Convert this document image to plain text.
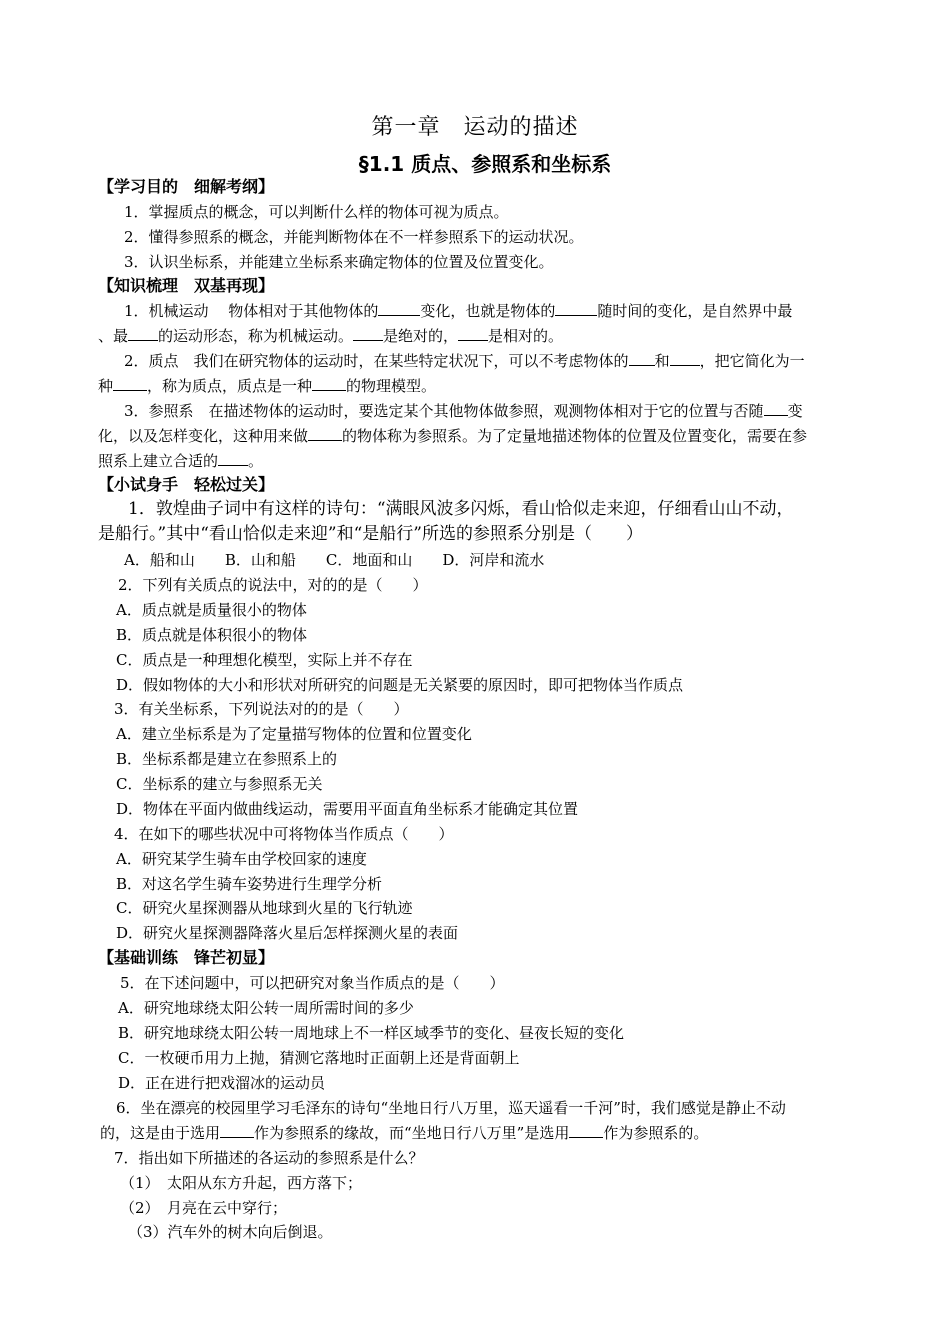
第一章　运动的描述
§1.1 质点、参照系和坐标系
【学习目的　细解考纲】
1．掌握质点的概念，可以判断什么样的物体可视为质点。
2．懂得参照系的概念，并能判断物体在不一样参照系下的运动状况。
3．认识坐标系，并能建立坐标系来确定物体的位置及位置变化。
【知识梳理　双基再现】
1．机械运动　 物体相对于其他物体的	变化，也就是物体的	随时间的变化，是自然界中最
、最 的运动形态，称为机械运动。 是绝对的， 是相对的。
2．质点　我们在研究物体的运动时，在某些特定状况下，可以不考虑物体的 和 ，把它简化为一
种 ，称为质点，质点是一种 的物理模型。
3．参照系　在描述物体的运动时，要选定某个其他物体做参照，观测物体相对于它的位置与否随 变
化，以及怎样变化，这种用来做 的物体称为参照系。为了定量地描述物体的位置及位置变化，需要在参
照系上建立合适的 。
【小试身手　轻松过关】
1．敦煌曲子词中有这样的诗句：“满眼风波多闪烁，看山恰似走来迎，仔细看山山不动，
是船行。”其中“看山恰似走来迎”和“是船行”所选的参照系分别是（　　）
A．船和山　　B．山和船　　C．地面和山　　D．河岸和流水
2．下列有关质点的说法中，对的的是（　　）
A．质点就是质量很小的物体
B．质点就是体积很小的物体
C．质点是一种理想化模型，实际上并不存在
D．假如物体的大小和形状对所研究的问题是无关紧要的原因时，即可把物体当作质点
3．有关坐标系，下列说法对的的是（　　）
A．建立坐标系是为了定量描写物体的位置和位置变化
B．坐标系都是建立在参照系上的
C．坐标系的建立与参照系无关
D．物体在平面内做曲线运动，需要用平面直角坐标系才能确定其位置
4．在如下的哪些状况中可将物体当作质点（　　）
A．研究某学生骑车由学校回家的速度
B．对这名学生骑车姿势进行生理学分析
C．研究火星探测器从地球到火星的飞行轨迹
D．研究火星探测器降落火星后怎样探测火星的表面
【基础训练　锋芒初显】
5．在下述问题中，可以把研究对象当作质点的是（　　）
A．研究地球绕太阳公转一周所需时间的多少
B．研究地球绕太阳公转一周地球上不一样区域季节的变化、昼夜长短的变化
C．一枚硬币用力上抛，猜测它落地时正面朝上还是背面朝上
D．正在进行把戏溜冰的运动员
6．坐在漂亮的校园里学习毛泽东的诗句“坐地日行八万里，巡天遥看一千河”时，我们感觉是静止不动
的，这是由于选用 作为参照系的缘故，而“坐地日行八万里”是选用 作为参照系的。
7．指出如下所描述的各运动的参照系是什么？
（1）　太阳从东方升起，西方落下；
（2）　月亮在云中穿行；
（3）汽车外的树木向后倒退。
